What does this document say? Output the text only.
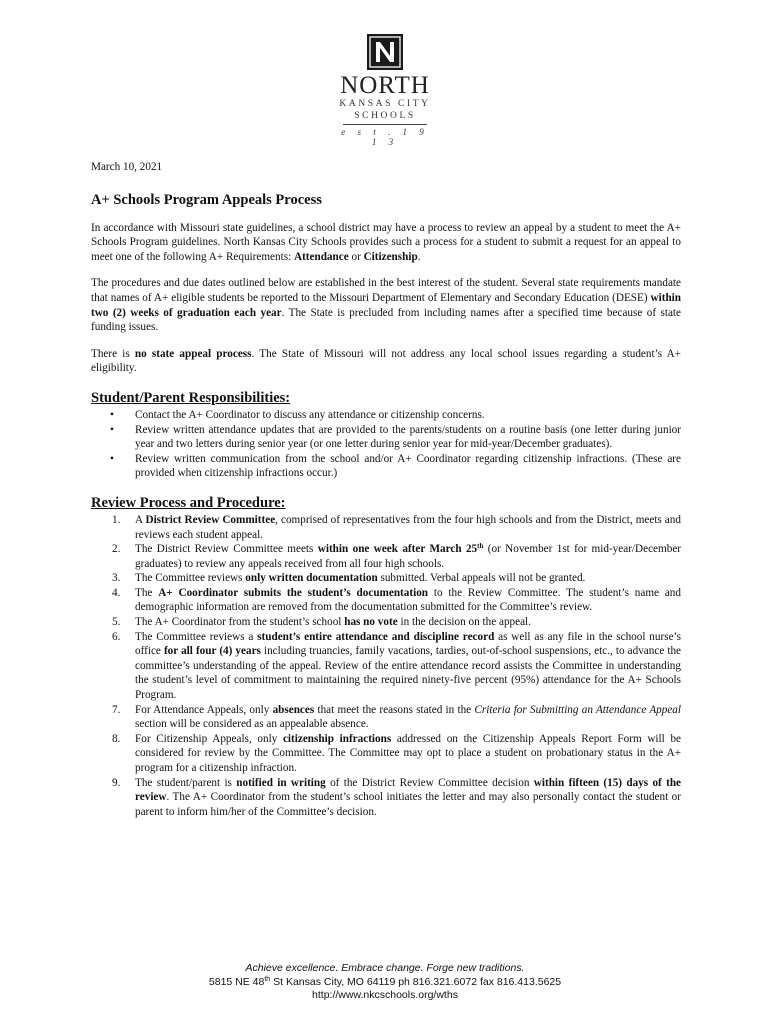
NORTH
KANSAS CITY
SCHOOLS
e s t . 1 9 1 3
March 10, 2021
A+ Schools Program Appeals Process

In accordance with Missouri state guidelines, a school district may have a process to review an appeal by a student to meet the A+ Schools Program guidelines. North Kansas City Schools provides such a process for a student to submit a request for an appeal to meet one of the following A+ Requirements: Attendance or Citizenship.

The procedures and due dates outlined below are established in the best interest of the student. Several state requirements mandate that names of A+ eligible students be reported to the Missouri Department of Elementary and Secondary Education (DESE) within two (2) weeks of graduation each year. The State is precluded from including names after a specified time because of state funding issues.

There is no state appeal process. The State of Missouri will not address any local school issues regarding a student’s A+ eligibility.

Student/Parent Responsibilities:
• Contact the A+ Coordinator to discuss any attendance or citizenship concerns.
• Review written attendance updates that are provided to the parents/students on a routine basis (one letter during junior year and two letters during senior year (or one letter during senior year for mid-year/December graduates).
• Review written communication from the school and/or A+ Coordinator regarding citizenship infractions. (These are provided when citizenship infractions occur.)
Review Process and Procedure:
1. A District Review Committee, comprised of representatives from the four high schools and from the District, meets and reviews each student appeal.
2. The District Review Committee meets within one week after March 25th (or November 1st for mid-year/December graduates) to review any appeals received from all four high schools.
3. The Committee reviews only written documentation submitted. Verbal appeals will not be granted.
4. The A+ Coordinator submits the student’s documentation to the Review Committee. The student’s name and demographic information are removed from the documentation submitted for the Committee’s review.
5. The A+ Coordinator from the student’s school has no vote in the decision on the appeal.
6. The Committee reviews a student’s entire attendance and discipline record as well as any file in the school nurse’s office for all four (4) years including truancies, family vacations, tardies, out-of-school suspensions, etc., to advance the committee’s understanding of the appeal. Review of the entire attendance record assists the Committee in understanding the student’s level of commitment to maintaining the required ninety-five percent (95%) attendance for the A+ Schools Program.
7. For Attendance Appeals, only absences that meet the reasons stated in the Criteria for Submitting an Attendance Appeal section will be considered as an appealable absence.
8. For Citizenship Appeals, only citizenship infractions addressed on the Citizenship Appeals Report Form will be considered for review by the Committee. The Committee may opt to place a student on probationary status in the A+ program for a citizenship infraction.
9. The student/parent is notified in writing of the District Review Committee decision within fifteen (15) days of the review. The A+ Coordinator from the student’s school initiates the letter and may also personally contact the student or parent to inform him/her of the Committee’s decision.
Achieve excellence. Embrace change. Forge new traditions.
5815 NE 48th St Kansas City, MO 64119 ph 816.321.6072 fax 816.413.5625
http://www.nkcschools.org/wths
